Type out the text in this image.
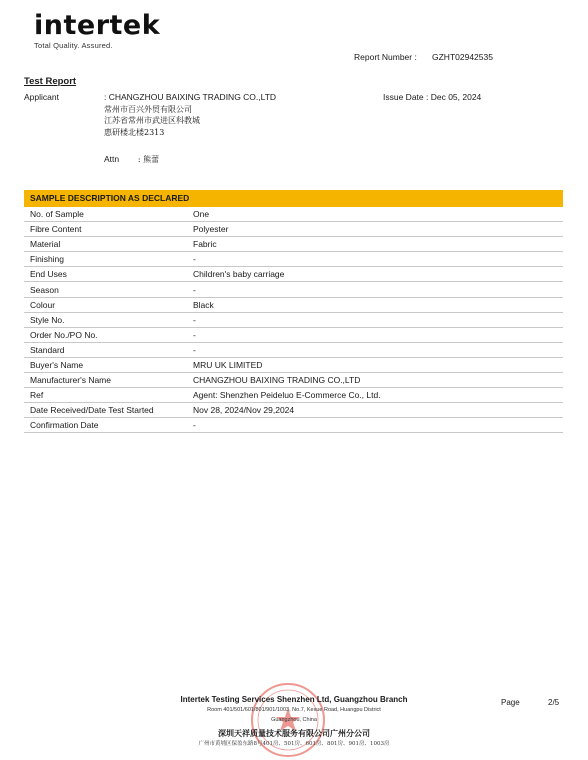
intertek
Total Quality. Assured.
Report Number : GZHT02942535
Test Report
Applicant	: CHANGZHOU BAIXING TRADING CO.,LTD
常州市百兴外贸有限公司
江苏省常州市武进区科教城
惠研楼北楼2313
Issue Date : Dec 05, 2024
Attn : 熊蕾
SAMPLE DESCRIPTION AS DECLARED
No. of Sample	One
Fibre Content	Polyester
Material	Fabric
Finishing	-
End Uses	Children's baby carriage
Season	-
Colour	Black
Style No.	-
Order No./PO No.	-
Standard	-
Buyer's Name	MRU UK LIMITED
Manufacturer's Name	CHANGZHOU BAIXING TRADING CO.,LTD
Ref	Agent: Shenzhen Peideluo E-Commerce Co., Ltd.
Date Received/Date Test Started	Nov 28, 2024/Nov 29,2024
Confirmation Date	-
Intertek Testing Services Shenzhen Ltd, Guangzhou Branch
Room 401/501/601/801/901/1003, No.7, Kexue Road, Huangpu District
Guangzhou, China
深圳天祥质量技术服务有限公司广州分公司
广州市黄埔区保盈东路8号401房、501房、601房、801房、901房、1003房
Page	2/5
